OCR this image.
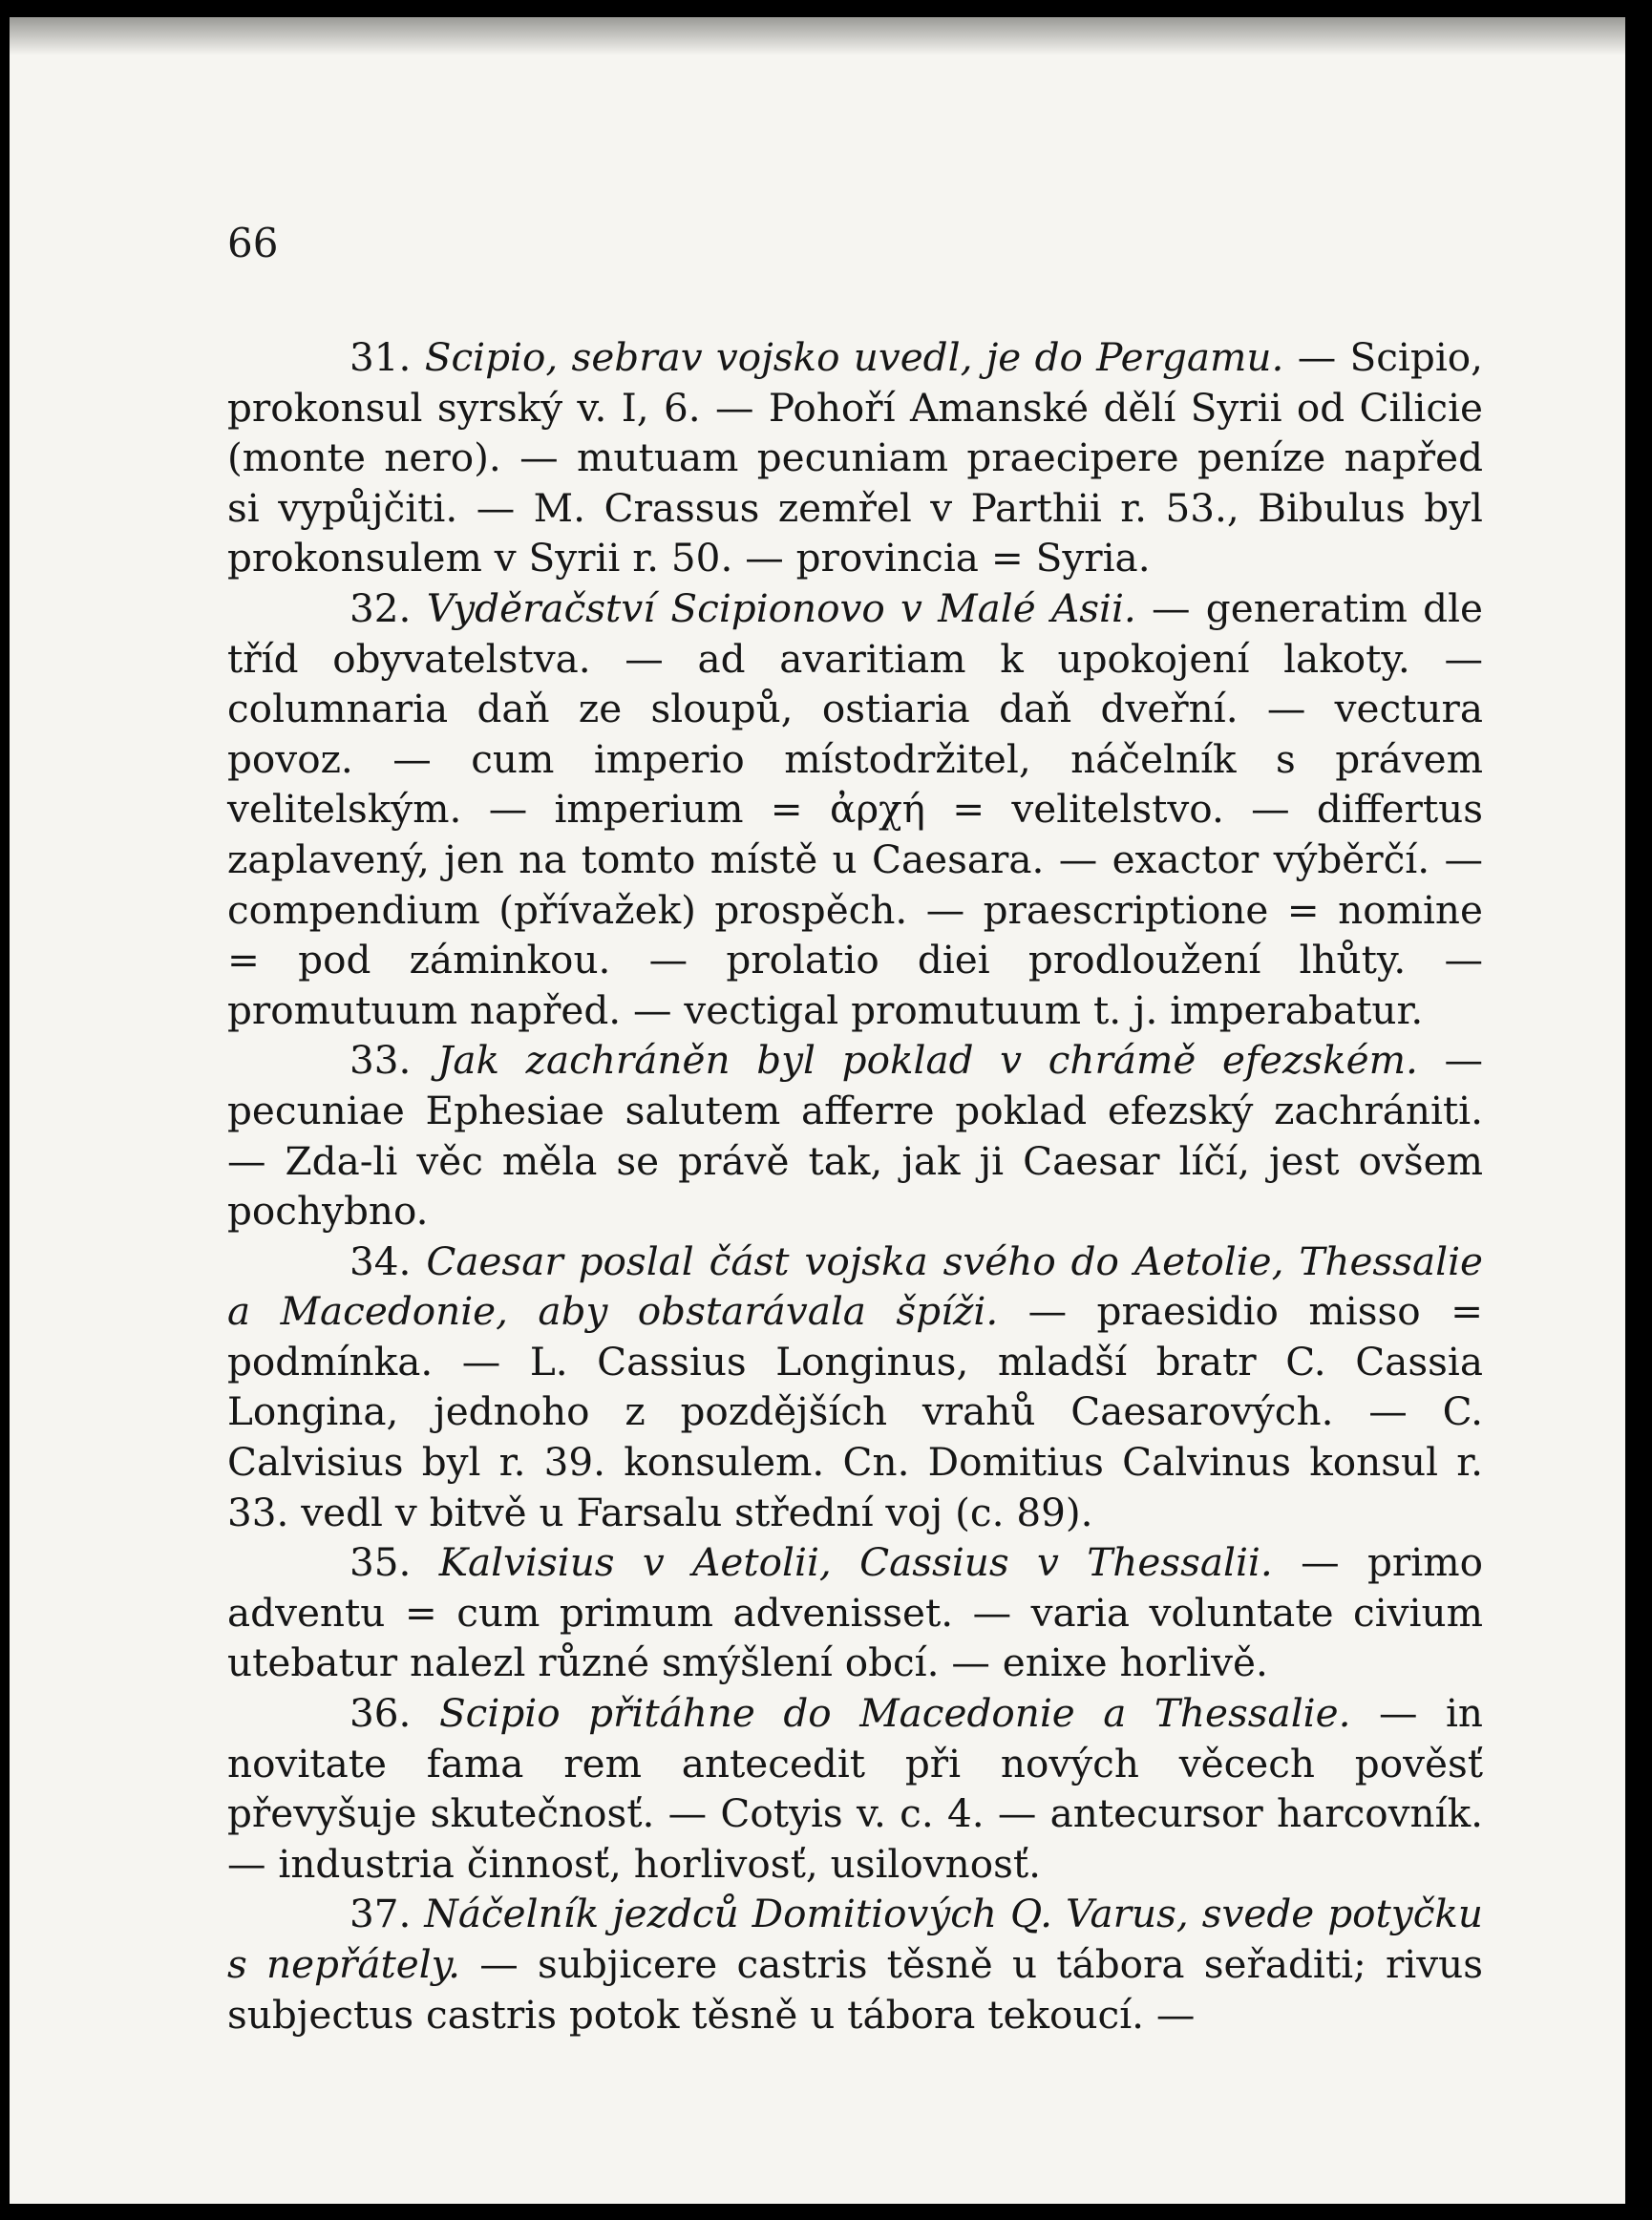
66

31. Scipio, sebrav vojsko uvedl, je do Pergamu. — Scipio, prokonsul syrský v. I, 6. — Pohoří Amanské dělí Syrii od Cilicie (monte nero). — mutuam pecuniam praecipere peníze napřed si vypůjčiti. — M. Crassus zemřel v Parthii r. 53., Bibulus byl prokonsulem v Syrii r. 50. — provincia = Syria.

32. Vyděračství Scipionovo v Malé Asii. — generatim dle tříd obyvatelstva. — ad avaritiam k upokojení lakoty. — columnaria daň ze sloupů, ostiaria daň dveřní. — vectura povoz. — cum imperio místodržitel, náčelník s právem velitelským. — imperium = ἀρχή = velitelstvo. — differtus zaplavený, jen na tomto místě u Caesara. — exactor výběrčí. — compendium (přívažek) prospěch. — praescriptione = nomine = pod záminkou. — prolatio diei prodloužení lhůty. — promutuum napřed. — vectigal promutuum t. j. imperabatur.

33. Jak zachráněn byl poklad v chrámě efezském. — pecuniae Ephesiae salutem afferre poklad efezský zachrániti. — Zda-li věc měla se právě tak, jak ji Caesar líčí, jest ovšem pochybno.

34. Caesar poslal část vojska svého do Aetolie, Thessalie a Macedonie, aby obstarávala špíži. — praesidio misso = podmínka. — L. Cassius Longinus, mladší bratr C. Cassia Longina, jednoho z pozdějších vrahů Caesarových. — C. Calvisius byl r. 39. konsulem. Cn. Domitius Calvinus konsul r. 33. vedl v bitvě u Farsalu střední voj (c. 89).

35. Kalvisius v Aetolii, Cassius v Thessalii. — primo adventu = cum primum advenisset. — varia voluntate civium utebatur nalezl různé smýšlení obcí. — enixe horlivě.

36. Scipio přitáhne do Macedonie a Thessalie. — in novitate fama rem antecedit při nových věcech pověsť převyšuje skutečnosť. — Cotyis v. c. 4. — antecursor harcovník. — industria činnosť, horlivosť, usilovnosť.

37. Náčelník jezdců Domitiových Q. Varus, svede potyčku s nepřátely. — subjicere castris těsně u tábora seřaditi; rivus subjectus castris potok těsně u tábora tekoucí. —
